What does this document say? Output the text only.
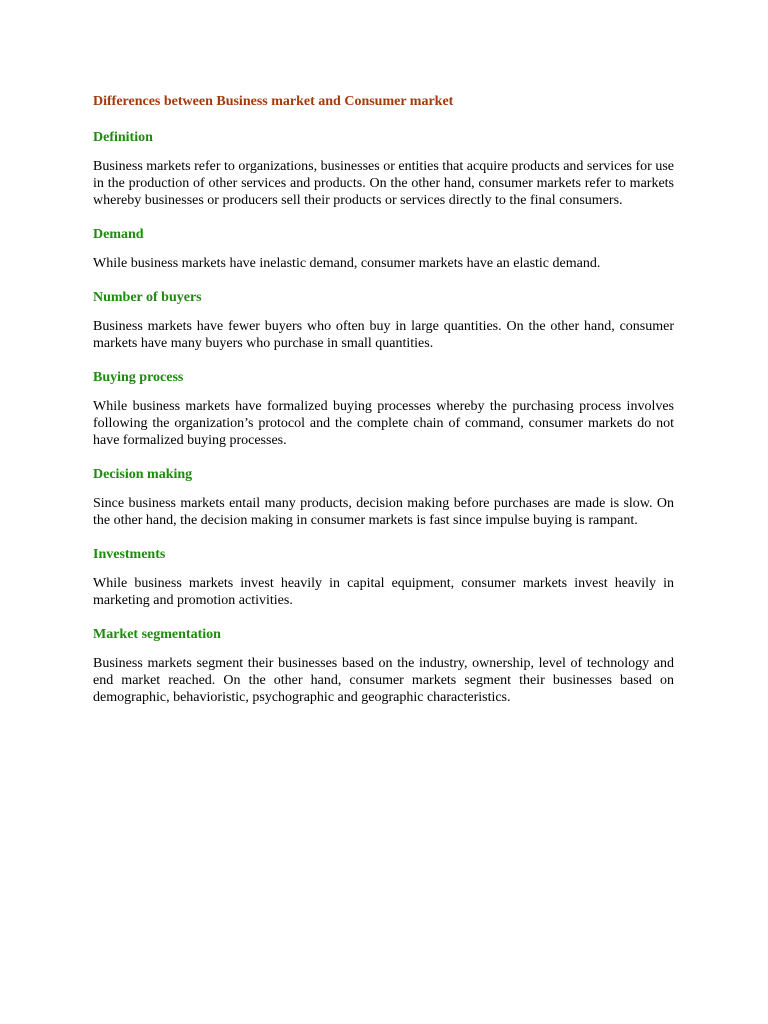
Differences between Business market and Consumer market
Definition

Business markets refer to organizations, businesses or entities that acquire products and services for use in the production of other services and products. On the other hand, consumer markets refer to markets whereby businesses or producers sell their products or services directly to the final consumers.

Demand

While business markets have inelastic demand, consumer markets have an elastic demand.

Number of buyers

Business markets have fewer buyers who often buy in large quantities. On the other hand, consumer markets have many buyers who purchase in small quantities.

Buying process

While business markets have formalized buying processes whereby the purchasing process involves following the organization’s protocol and the complete chain of command, consumer markets do not have formalized buying processes.

Decision making

Since business markets entail many products, decision making before purchases are made is slow. On the other hand, the decision making in consumer markets is fast since impulse buying is rampant.

Investments

While business markets invest heavily in capital equipment, consumer markets invest heavily in marketing and promotion activities.

Market segmentation

Business markets segment their businesses based on the industry, ownership, level of technology and end market reached. On the other hand, consumer markets segment their businesses based on demographic, behavioristic, psychographic and geographic characteristics.
